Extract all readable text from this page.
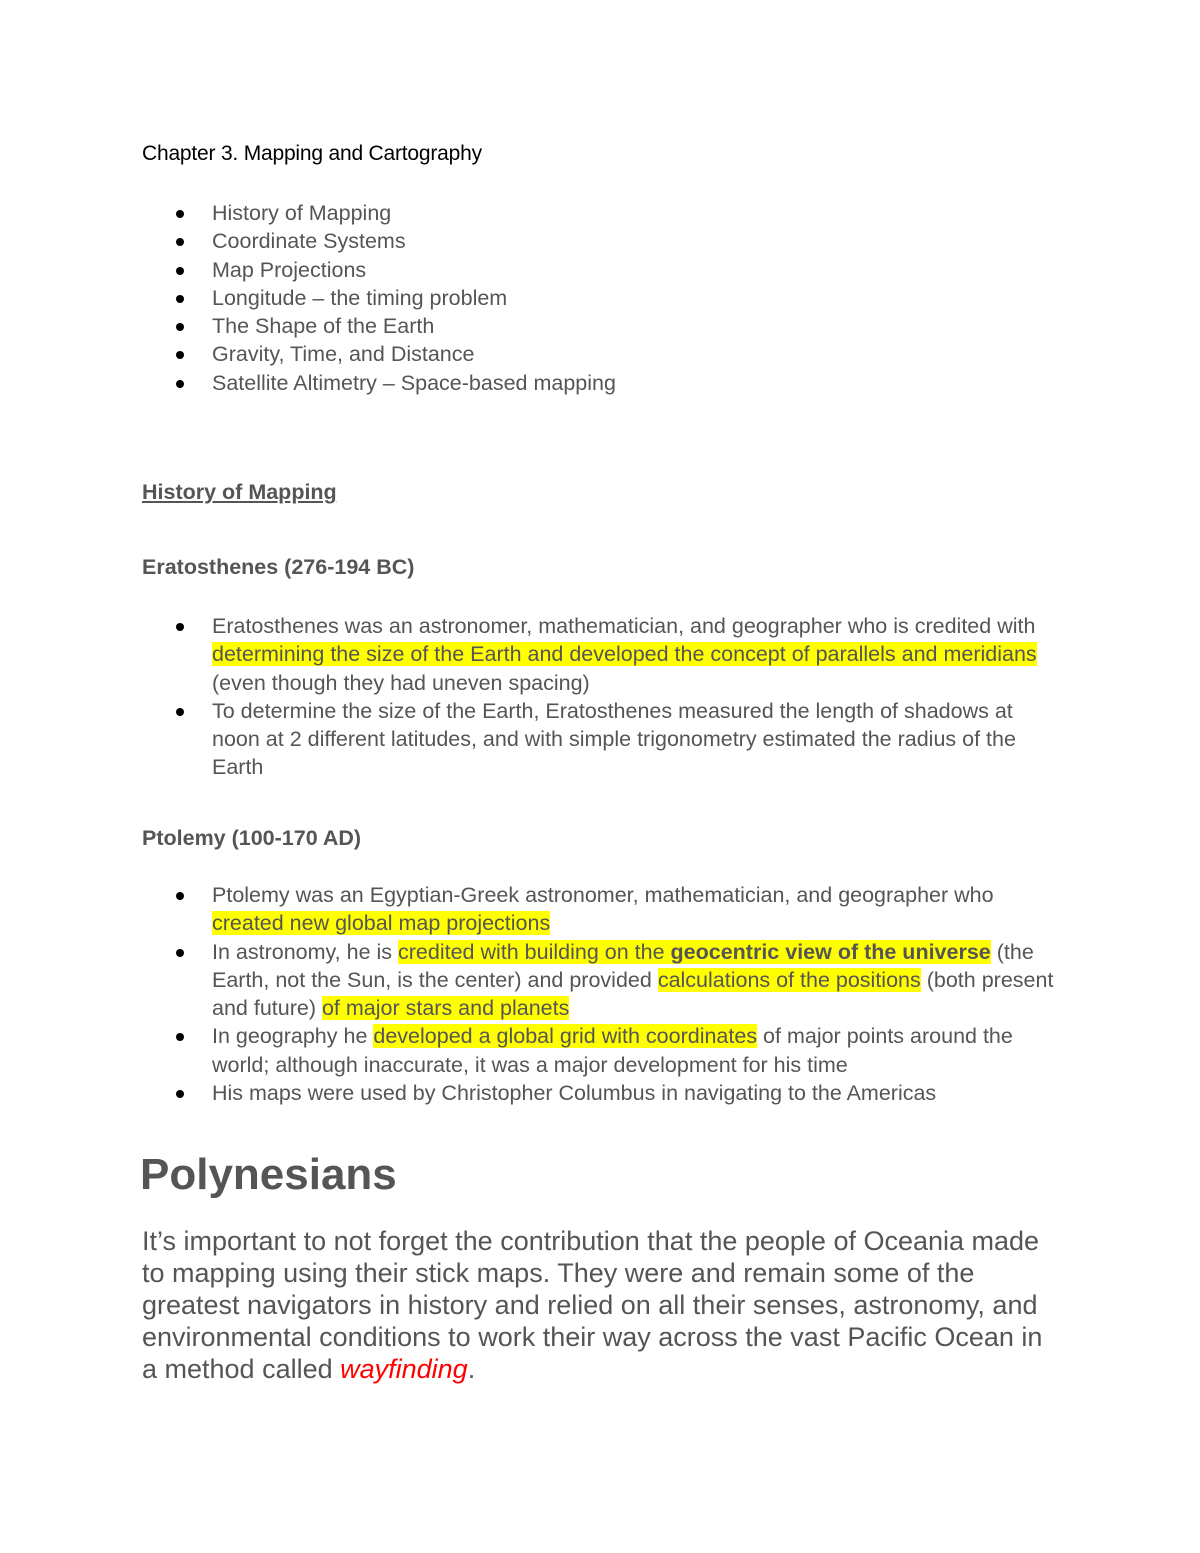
Chapter 3. Mapping and Cartography
History of Mapping
Coordinate Systems
Map Projections
Longitude – the timing problem
The Shape of the Earth
Gravity, Time, and Distance
Satellite Altimetry – Space-based mapping
History of Mapping
Eratosthenes (276-194 BC)
Eratosthenes was an astronomer, mathematician, and geographer who is credited with determining the size of the Earth and developed the concept of parallels and meridians (even though they had uneven spacing)
To determine the size of the Earth, Eratosthenes measured the length of shadows at noon at 2 different latitudes, and with simple trigonometry estimated the radius of the Earth
Ptolemy (100-170 AD)
Ptolemy was an Egyptian-Greek astronomer, mathematician, and geographer who created new global map projections
In astronomy, he is credited with building on the geocentric view of the universe (the Earth, not the Sun, is the center) and provided calculations of the positions (both present and future) of major stars and planets
In geography he developed a global grid with coordinates of major points around the world; although inaccurate, it was a major development for his time
His maps were used by Christopher Columbus in navigating to the Americas
Polynesians

It’s important to not forget the contribution that the people of Oceania made to mapping using their stick maps. They were and remain some of the greatest navigators in history and relied on all their senses, astronomy, and environmental conditions to work their way across the vast Pacific Ocean in a method called wayfinding.
